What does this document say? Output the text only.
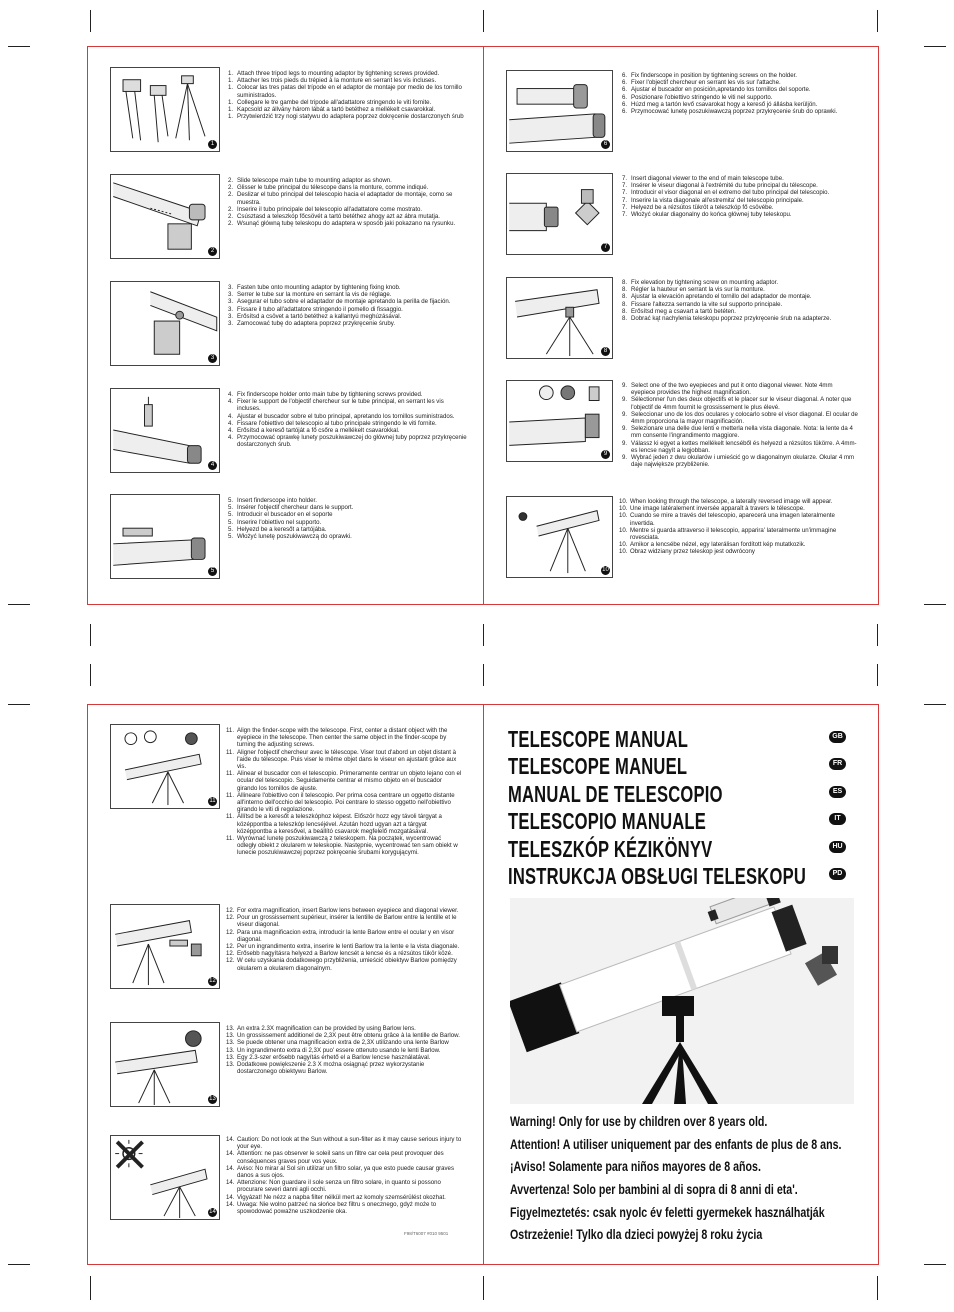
1
1. Attach three tripod legs to mounting adaptor by tightening screws provided.
1. Attacher les trois pieds du trépied à la monture en serrant les vis incluses.
1. Colocar las tres patas del trípode en el adaptor de montaje por medio de los tornillo suministrados.
1. Collegare le tre gambe del tripode all'adattatore stringendo le viti fornite.
1. Kapcsold az állvány három lábát a tartó betéthez a mellékelt csavarokkal.
1. Przytwierdzić trzy nogi statywu do adaptera poprzez dokręcenie dostarczonych śrub
2
2. Slide telescope main tube to mounting adaptor as shown.
2. Glisser le tube principal du télescope dans la monture, comme indiqué.
2. Deslizar el tubo principal del telescopio hacia el adaptador de montaje, como se muestra.
2. Inserire il tubo principale del telescopio all'adattatore come mostrato.
2. Csúsztasd a teleszkóp főcsövét a tartó betéthez ahogy azt az ábra mutatja.
2. Wsunąć główną tubę teleskopu do adaptera w sposób jaki pokazano na rysunku.
3
3. Fasten tube onto mounting adaptor by tightening fixing knob.
3. Serrer le tube sur la monture en serrant la vis de réglage.
3. Asegurar el tubo sobre el adaptador de montaje apretando la perilla de fijación.
3. Fissare il tubo all'adattatore stringendo il pomello di fissaggio.
3. Erősítsd a csövet a tartó betéthez a kallantyú meghúzásával.
3. Zamocować tubę do adaptera poprzez przykręcenie śruby.
4
4. Fix finderscope holder onto main tube by tightening screws provided.
4. Fixer le support de l'objectif chercheur sur le tube principal, en serrant les vis incluses.
4. Ajustar el buscador sobre el tubo principal, apretando los tornillos suministrados.
4. Fissare l'obiettivo del telescopio al tubo principale stringendo le viti fornite.
4. Erősítsd a kereső tartóját a fő csőre a mellékelt csavarokkal.
4. Przymocować oprawkę lunety poszukiwawczej do głównej tuby poprzez przykręcenie dostarczonych śrub.
5
5. Insert finderscope into holder.
5. Insérer l'objectif chercheur dans le support.
5. Introducir el buscador en el soporte
5. Inserire l'obiettivo nel supporto.
5. Helyezd be a keresőt a tartójába.
5. Włożyć lunetę poszukiwawczą do oprawki.
6
6. Fix finderscope in position by tightening screws on the holder.
6. Fixer l'objectif chercheur en serrant les vis sur l'attache.
6. Ajustar el buscador en posición,apretando los tornillos del soporte.
6. Posizionare l'obiettivo stringendo le viti nel supporto.
6. Húzd meg a tartón levő csavarokat hogy a kereső jó állásba kerüljön.
6. Przymocować lunetę poszukiwawczą poprzez przykręcenie śrub do oprawki.
7
7. Insert diagonal viewer to the end of main telescope tube.
7. Insérer le viseur diagonal à l'extrémité du tube principal du télescope.
7. Introducir el visor diagonal en el extremo del tubo principal del telescopio.
7. Inserire la vista diagonale all'estremita' del telescopio principale.
7. Helyezd be a rézsútos tükröt a teleszkóp fő csövébe.
7. Włożyć okular diagonalny do końca głównej tuby teleskopu.
8
8. Fix elevation by tightening screw on mounting adaptor.
8. Régler la hauteur en serrant la vis sur la monture.
8. Ajustar la elevación apretando el tornillo del adaptador de montaje.
8. Fissare l'altezza serrando la vite sul supporto principale.
8. Erősítsd meg a csavart a tartó betéten.
8. Dobrać kąt nachylenia teleskopu poprzez przykręcenie śrub na adapterze.
9
9. Select one of the two eyepieces and put it onto diagonal viewer. Note 4mm eyepiece provides the highest magnification.
9. Sélectionner l'un des deux objectifs et le placer sur le viseur diagonal. A noter que l'objectif de 4mm fournit le grossissement le plus élevé.
9. Seleccionar uno de los dos oculares y colocarlo sobre el visor diagonal. El ocular de 4mm proporciona la mayor magnificación.
9. Selezionare una delle due lenti e metterla nella vista diagonale. Nota: la lente da 4 mm consente l'ingrandimento maggiore.
9. Válassz ki egyet a kettes mellékelt lencséből és helyezd a rézsútos tükörre. A 4mm-es lencse nagyít a legjobban.
9. Wybrać jeden z dwu okularów i umieścić go w diagonalnym okularze. Okular 4 mm daje największe przybliżenie.
10
10. When looking through the telescope, a laterally reversed image will appear.
10. Une image latéralement inversée apparaît à travers le télescope.
10. Cuando se mire a través del telescopio, aparecerá una imagen lateralmente invertida.
10. Mentre si guarda attraverso il telescopio, apparira' lateralmente un'immagine rovesciata.
10. Amikor a lencsébe nézel, egy laterálisan fordított kép mutatkozik.
10. Obraz widziany przez teleskop jest odwrócony
11
11. Align the finder-scope with the telescope. First, center a distant object with the eyepiece in the telescope. Then center the same object in the finder-scope by turning the adjusting screws.
11. Aligner l'objectif chercheur avec le télescope. Viser tout d'abord un objet distant à l'aide du télescope. Puis viser le même objet dans le viseur en ajustant grâce aux vis.
11. Alinear el buscador con el telescopio. Primeramente centrar un objeto lejano con el ocular del telescopio. Seguidamente centrar el mismo objeto en el buscador girando los tornillos de ajuste.
11. Allineare l'obiettivo con il telescopio. Per prima cosa centrare un oggetto distante all'interno dell'occhio del telescopio. Poi centrare lo stesso oggetto nell'obiettivo girando le viti di regolazione.
11. Állítsd be a keresőt a teleszkóphoz képest. Először hozz egy távoli tárgyat a középpontba a teleszkóp lencséjével. Azután hozd ugyan azt a tárgyat középpontba a keresővel, a beállító csavarok megfelelő mozgatásával.
11. Wyrównać lunetę poszukiwawczą z teleskopem. Na początek, wycentrować odległy obiekt z okularem w teleskopie. Następnie, wycentrować ten sam obiekt w lunecie poszukiwawczej poprzez pokręcenie śrubami korygującymi.
12
12. For extra magnification, insert Barlow lens between eyepiece and diagonal viewer.
12. Pour un grossissement supérieur, insérer la lentille de Barlow entre la lentille et le viseur diagonal.
12. Para una magnificacion extra, introducir la lente Barlow entre el ocular y en visor diagonal.
12. Per un ingrandimento extra, inserire le lenti Barlow tra la lente e la vista diagonale.
12. Erősebb nagyításra helyezd a Barlow lencsét a lencse és a rézsútos tükör közé.
12. W celu uzyskania dodatkowego przybliżenia, umieścić obiektyw Barlow pomiędzy okularem a okularem diagonalnym.
13
13. An extra 2.3X magnification can be provided by using Barlow lens.
13. Un grossissement additionel de 2,3X peut être obtenu grâce à la lentille de Barlow.
13. Se puede obtener una magnificacion extra de 2,3X utilizando una lente Barlow
13. Un ingrandimento extra di 2,3X puo' essere ottenuto usando le lenti Barlow.
13. Egy 2.3-szer erősebb nagyítás érhető el a Barlow lencse használatával.
13. Dodatkowe powiększenie 2.3 X można osiągnąć przez wykorzystanie dostarczonego obiektywu Barlow.
14
14. Caution: Do not look at the Sun without a sun-filter as it may cause serious injury to your eye.
14. Attention: ne pas observer le soleil sans un filtre car cela peut provoquer des conséquences graves pour vos yeux.
14. Aviso: No mirar al Sol sin utilizar un filtro solar, ya que esto puede causar graves danos a sus ojos.
14. Attenzione: Non guardare il sole senza un filtro solare, in quanto si possono procurare severi danni agli occhi.
14. Vigyázat! Ne nézz a napba filter nélkül mert az komoly szemsérülést okozhat.
14. Uwaga: Nie wolno patrzeć na słońce bez filtru s onecznego, gdyż może to spowodować poważne uszkodzenie oka.
F98/T6007 #010 9501
TELESCOPE MANUAL	GB
TELESCOPE MANUEL	FR
MANUAL DE TELESCOPIO	ES
TELESCOPIO MANUALE	IT
TELESZKÓP KÉZIKÖNYV	HU
INSTRUKCJA OBSŁUGI TELESKOPU	PD
Warning! Only for use by children over 8 years old.
Attention! A utiliser uniquement par des enfants de plus de 8 ans.
¡Aviso! Solamente para niños mayores de 8 años.
Avvertenza! Solo per bambini al di sopra di 8 anni di eta'.
Figyelmeztetés: csak nyolc év feletti gyermekek használhatják
Ostrzeżenie! Tylko dla dzieci powyżej 8 roku życia
